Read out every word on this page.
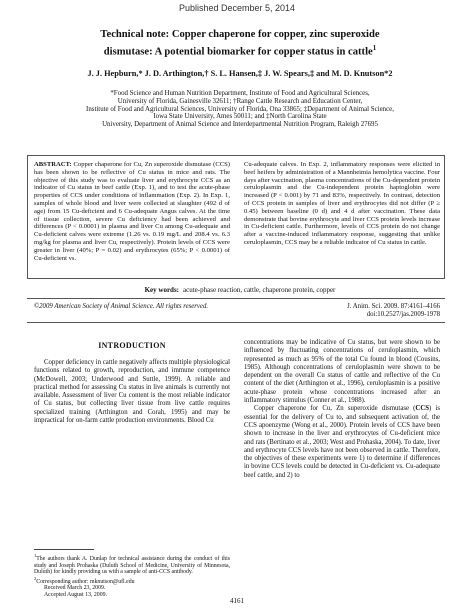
Published December 5, 2014
Technical note: Copper chaperone for copper, zinc superoxide
dismutase: A potential biomarker for copper status in cattle$^1$
J. J. Hepburn,* J. D. Arthington,† S. L. Hansen,‡ J. W. Spears,‡ and M. D. Knutson*2
*Food Science and Human Nutrition Department, Institute of Food and Agricultural Sciences,
University of Florida, Gainesville 32611; †Range Cattle Research and Education Center,
Institute of Food and Agricultural Sciences, University of Florida, Ona 33865; ‡Department of Animal Science,
Iowa State University, Ames 50011; and ‡North Carolina State
University, Department of Animal Science and Interdepartmental Nutrition Program, Raleigh 27695
ABSTRACT: Copper chaperone for Cu, Zn superoxide dismutase (CCS) has been shown to be reflective of Cu status in mice and rats. The objective of this study was to evaluate liver and erythrocyte CCS as an indicator of Cu status in beef cattle (Exp. 1), and to test the acute-phase properties of CCS under conditions of inflammation (Exp. 2). In Exp. 1, samples of whole blood and liver were collected at slaughter (492 d of age) from 15 Cu-deficient and 6 Cu-adequate Angus calves. At the time of tissue collection, severe Cu deficiency had been achieved and differences (P < 0.0001) in plasma and liver Cu among Cu-adequate and Cu-deficient calves were extreme (1.26 vs. 0.19 mg/L and 208.4 vs. 6.3 mg/kg for plasma and liver Cu, respectively). Protein levels of CCS were greater in liver (40%; P = 0.02) and erythrocytes (65%; P < 0.0001) of Cu-deficient vs.
Cu-adequate calves. In Exp. 2, inflammatory responses were elicited in beef heifers by administration of a Mannheimia hemolytica vaccine. Four days after vaccination, plasma concentrations of the Cu-dependent protein ceruloplasmin and the Cu-independent protein haptoglobin were increased (P < 0.001) by 71 and 83%, respectively. In contrast, detection of CCS protein in samples of liver and erythrocytes did not differ (P ≥ 0.45) between baseline (0 d) and 4 d after vaccination. These data demonstrate that bovine erythrocyte and liver CCS protein levels increase in Cu-deficient cattle. Furthermore, levels of CCS protein do not change after a vaccine-induced inflammatory response, suggesting that unlike ceruloplasmin, CCS may be a reliable indicator of Cu status in cattle.
Key words: acute-phase reaction, cattle, chaperone protein, copper
©2009 American Society of Animal Science. All rights reserved.	J. Anim. Sci. 2009. 87:4161–4166
doi:10.2527/jas.2009-1978
INTRODUCTION

Copper deficiency in cattle negatively affects multiple physiological functions related to growth, reproduction, and immune competence (McDowell, 2003; Underwood and Suttle, 1999). A reliable and practical method for assessing Cu status in live animals is currently not available. Assessment of liver Cu content is the most reliable indicator of Cu status, but collecting liver tissue from live cattle requires specialized training (Arthington and Corah, 1995) and may be impractical for on-farm cattle production environments. Blood Cu

concentrations may be indicative of Cu status, but were shown to be influenced by fluctuating concentrations of ceruloplasmin, which represented as much as 95% of the total Cu found in blood (Cousins, 1985). Although concentrations of ceruloplasmin were shown to be dependent on the overall Cu status of cattle and reflective of the Cu content of the diet (Arthington et al., 1996), ceruloplasmin is a positive acute-phase protein whose concentrations increased after an inflammatory stimulus (Conner et al., 1988).

Copper chaperone for Cu, Zn superoxide dismutase (CCS) is essential for the delivery of Cu to, and subsequent activation of, the CCS apoenzyme (Wong et al., 2000). Protein levels of CCS have been shown to increase in the liver and erythrocytes of Cu-deficient mice and rats (Bertinato et al., 2003; West and Prohaska, 2004). To date, liver and erythrocyte CCS levels have not been observed in cattle. Therefore, the objectives of these experiments were 1) to determine if differences in bovine CCS levels could be detected in Cu-deficient vs. Cu-adequate beef cattle, and 2) to

$^1$The authors thank A. Dunlap for technical assistance during the conduct of this study and Joseph Prohaska (Duluth School of Medicine, University of Minnesota, Duluth) for kindly providing us with a sample of anti-CCS antibody.
$^2$Corresponding author: mknutson@ufl.edu
Received March 23, 2009.
Accepted August 13, 2009.
4161
